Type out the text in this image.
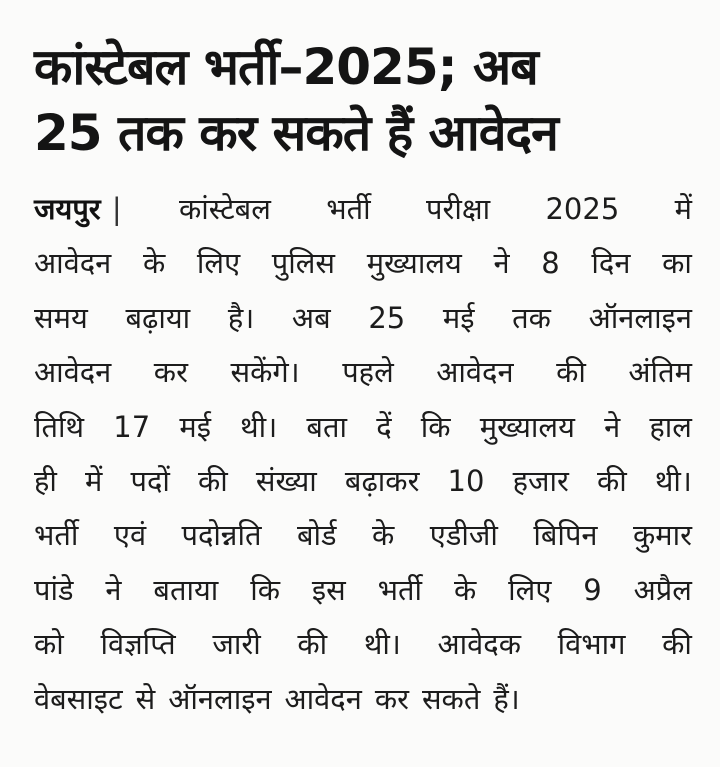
कांस्टेबल भर्ती–2025; अब
25 तक कर सकते हैं आवेदन
जयपुर | कांस्टेबल भर्ती परीक्षा 2025 में
आवेदन के लिए पुलिस मुख्यालय ने 8 दिन का
समय बढ़ाया है। अब 25 मई तक ऑनलाइन
आवेदन कर सकेंगे। पहले आवेदन की अंतिम
तिथि 17 मई थी। बता दें कि मुख्यालय ने हाल
ही में पदों की संख्या बढ़ाकर 10 हजार की थी।
भर्ती एवं पदोन्नति बोर्ड के एडीजी बिपिन कुमार
पांडे ने बताया कि इस भर्ती के लिए 9 अप्रैल
को विज्ञप्ति जारी की थी। आवेदक विभाग की
वेबसाइट से ऑनलाइन आवेदन कर सकते हैं।
